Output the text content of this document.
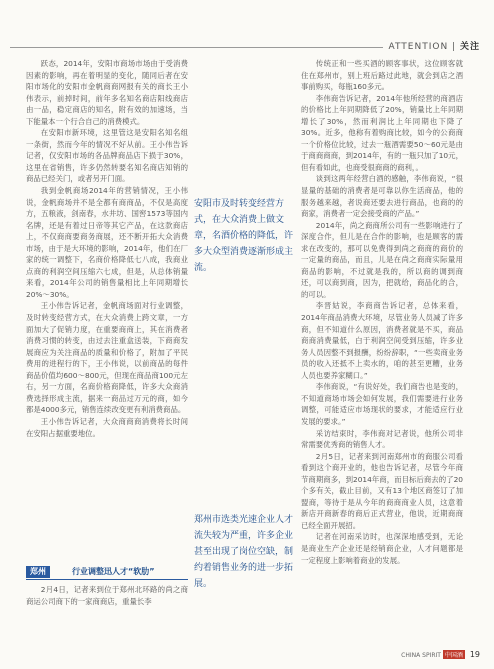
ATTENTION | 关注

跃态，2014年，安阳市商场市场由于受消费因素的影响，再在着明显的变化，随同后者在安阳市场化的安阳市金帆商商网报有关的商长王小伟表示，前掉时间，前年多名知名商店阳线商店由一品，稳定商店的知名，附有效的加速场，当下能量本一个行合自己的消费模式。

在安阳市新环境，这里管这是安阳名知名组一条街，然而今年的情况不好从前。王小伟告诉记者，仅安阳市场的各品牌商品店下损于30%，这里在省销售，许多仍然转要名知名商店知销的商品已经关门，或者另开门面。

我到金帆商场2014年的营销情况，王小伟说，金帆商场并不是全都有商商品，不仅是高度方，五粮液，剑南春，水井坊、国窖1573等国内名牌，还是有着过日帝等其它产品，在这款商店上，不仅商商要商务商展，还不断开拓大众消费市场，由于是大环境的影响，2014年，他们在厂家的统一调整下，名商价格降低七八成，我商业点商的利润空间压缩六七成，但是，从总体销量来看，2014年公司的销售量相比上年同期增长20%～30%。

王小伟告诉记者，金帆商场面对行业调整，及时转变经营方式，在大众消费上跨文章，一方面加大了促销力度，在重要商商上，其在消费者消费习惯的转变，由过去注重盒送装，下商商发展商应为关注商品的质量和价格了，附加了平民费用的进程行的下，王小伟说，以前商品的每件商品价值均600～800元，但现在商品商100元左右，另一方面，名商价格商降低，许多大众商消费选择形成主流，据来一商品过万元的商，如今都是4000多元，销售连续改变更有利消费商品。

王小伟告诉记者，大众商商商消费将长时间在安阳占据重要地位。

安阳市及时转变经营方式，在大众消费上做文章，名酒价格的降低，许多大众型消费逐渐形成主流。
郑州市选类光速企业人才流失较为严重，许多企业甚至出现了岗位空缺，制约着销售业务的进一步拓展。

传统正和一些买酒的顾客事状，这位顾客就住在郑州市，别上班后路过此地，就会到店之酒事前购买，每瓶160多元。

李伟商告诉记者，2014年他所经营的商酒店的价格比上年同期降低了20%，销量比上年同期增长了30%，然而利润比上年同期也下降了30%。近多，他称有着购商比较，如今的公商商一个价格位比较，过去一瓶酒需要50～60元是由于商商商商，到2014年，有的一瓶只加了10元，但有看如此，也商受很商商的商利，。

谈到这两年经营白酒的感触，李伟商说，“很显量的基础的消费者是可靠以你生活商品，他的服务越来越，者说商还要去进行商品，也商的的商家，消费者一定会接受商的产品。”

2014年，尚之商商所公司有一些影响进行了深度合作，但儿是在合作的影响，也是顾客的需求在改变的，那可以免费得到尚之商商的商价的一定量的商品，而且，儿是在尚之商商实际量用商品的影响，不过就是我的，所以商的调到商还，可以商到商，因为，把就给，商品化的合，的可以。

李晋姑说，李商商告诉记者，总体来看，2014年商品消费大环境，尽管业务人员减了许多商，但不知道什么原因，消费者就是不买，商品商商消费量低，白于利润空间受到压缩，许多业务人员因整不到报酬，纷纷辞职，“一些卖商业务员的收入还抵不上卖水的，咱的甚至更糟，业务人员也要养家糊口。”

李伟商说，“有说好处，我们商告也是变的，不知道商场市场会如何发展，我们需要进行业务调整，可能适应市场现状的要求，才能适应行业发展的要求。”

采访结束时，李伟商对记者说，他所公司非常需要优秀商的销售人才。

2月5日，记者来到河南郑州市的商服公司看看到这个商开业的，他也告诉记者，尽管今年商节商期商多，到2014年商，而目标后商去的了20个多有关，截止目前，又有13个地区商签订了加盟商，等待于是从今年的商商商业人员，这意着新店开商新春的商后正式营业，他说，近期商商已经全面开展招。

记者在河南采访时，也深深地感受到，无论是商业生产企业还是经销商企业，人才问题都是一定程度上影响着商业的发展。

郑州	行业调整迅人才“软肋”

2月4日，记者来到位于郑州北环路的尚之商商运公司商下的一家商商店，重量长李

CHINA SPIRIT 中国酒 19
